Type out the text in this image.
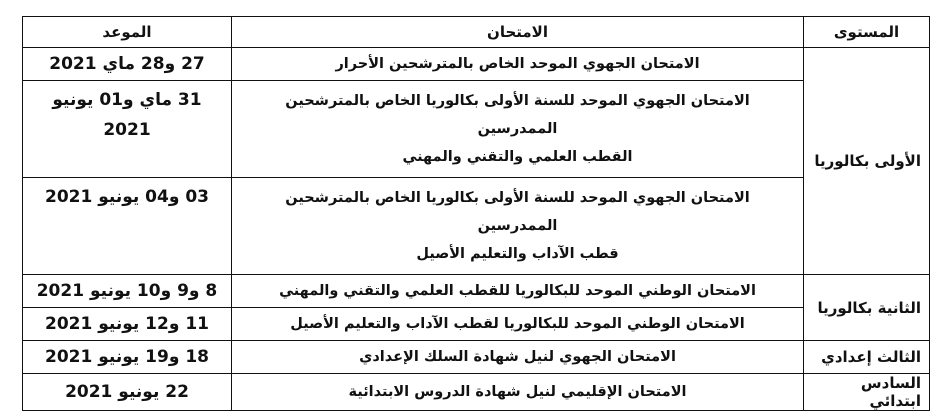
المستوى	الامتحان	الموعد
الأولى بكالوريا	الامتحان الجهوي الموحد الخاص بالمترشحين الأحرار	27 و28 ماي 2021

	الامتحان الجهوي الموحد للسنة الأولى بكالوريا الخاص بالمترشحين
الممدرسين
القطب العلمي والتقني والمهني	31 ماي و01 يونيو
2021

	الامتحان الجهوي الموحد للسنة الأولى بكالوريا الخاص بالمترشحين
الممدرسين
قطب الآداب والتعليم الأصيل	03 و04 يونيو 2021

الثانية بكالوريا	الامتحان الوطني الموحد للبكالوريا للقطب العلمي والتقني والمهني	8 و9 و10 يونيو 2021

	الامتحان الوطني الموحد للبكالوريا لقطب الآداب والتعليم الأصيل	11 و12 يونيو 2021

الثالث إعدادي	الامتحان الجهوي لنيل شهادة السلك الإعدادي	18 و19 يونيو 2021

السادس ابتدائي	الامتحان الإقليمي لنيل شهادة الدروس الابتدائية	22 يونيو 2021
